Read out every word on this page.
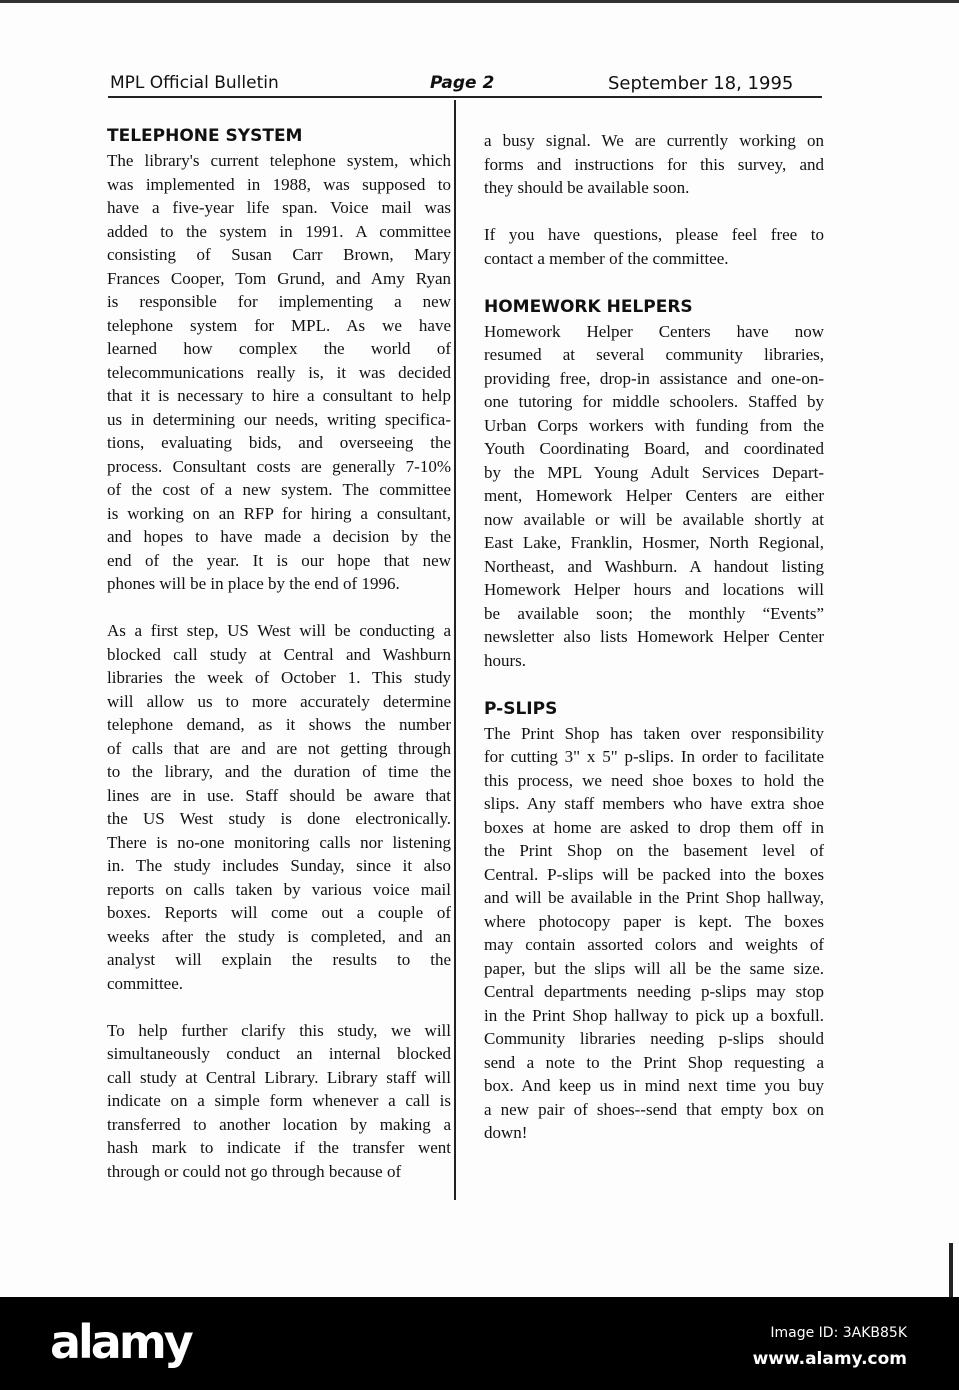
MPL Official Bulletin	Page 2	September 18, 1995
TELEPHONE SYSTEM
The library's current telephone system, which
was implemented in 1988, was supposed to
have a five-year life span. Voice mail was
added to the system in 1991. A committee
consisting of Susan Carr Brown, Mary
Frances Cooper, Tom Grund, and Amy Ryan
is responsible for implementing a new
telephone system for MPL. As we have
learned how complex the world of
telecommunications really is, it was decided
that it is necessary to hire a consultant to help
us in determining our needs, writing specifica-
tions, evaluating bids, and overseeing the
process. Consultant costs are generally 7-10%
of the cost of a new system. The committee
is working on an RFP for hiring a consultant,
and hopes to have made a decision by the
end of the year. It is our hope that new
phones will be in place by the end of 1996.
As a first step, US West will be conducting a
blocked call study at Central and Washburn
libraries the week of October 1. This study
will allow us to more accurately determine
telephone demand, as it shows the number
of calls that are and are not getting through
to the library, and the duration of time the
lines are in use. Staff should be aware that
the US West study is done electronically.
There is no-one monitoring calls nor listening
in. The study includes Sunday, since it also
reports on calls taken by various voice mail
boxes. Reports will come out a couple of
weeks after the study is completed, and an
analyst will explain the results to the
committee.
To help further clarify this study, we will
simultaneously conduct an internal blocked
call study at Central Library. Library staff will
indicate on a simple form whenever a call is
transferred to another location by making a
hash mark to indicate if the transfer went
through or could not go through because of
a busy signal. We are currently working on
forms and instructions for this survey, and
they should be available soon.
If you have questions, please feel free to
contact a member of the committee.
HOMEWORK HELPERS
Homework Helper Centers have now
resumed at several community libraries,
providing free, drop-in assistance and one-on-
one tutoring for middle schoolers. Staffed by
Urban Corps workers with funding from the
Youth Coordinating Board, and coordinated
by the MPL Young Adult Services Depart-
ment, Homework Helper Centers are either
now available or will be available shortly at
East Lake, Franklin, Hosmer, North Regional,
Northeast, and Washburn. A handout listing
Homework Helper hours and locations will
be available soon; the monthly “Events”
newsletter also lists Homework Helper Center
hours.
P-SLIPS
The Print Shop has taken over responsibility
for cutting 3" x 5" p-slips. In order to facilitate
this process, we need shoe boxes to hold the
slips. Any staff members who have extra shoe
boxes at home are asked to drop them off in
the Print Shop on the basement level of
Central. P-slips will be packed into the boxes
and will be available in the Print Shop hallway,
where photocopy paper is kept. The boxes
may contain assorted colors and weights of
paper, but the slips will all be the same size.
Central departments needing p-slips may stop
in the Print Shop hallway to pick up a boxfull.
Community libraries needing p-slips should
send a note to the Print Shop requesting a
box. And keep us in mind next time you buy
a new pair of shoes--send that empty box on
down!
alamy	Image ID: 3AKB85K
www.alamy.com
